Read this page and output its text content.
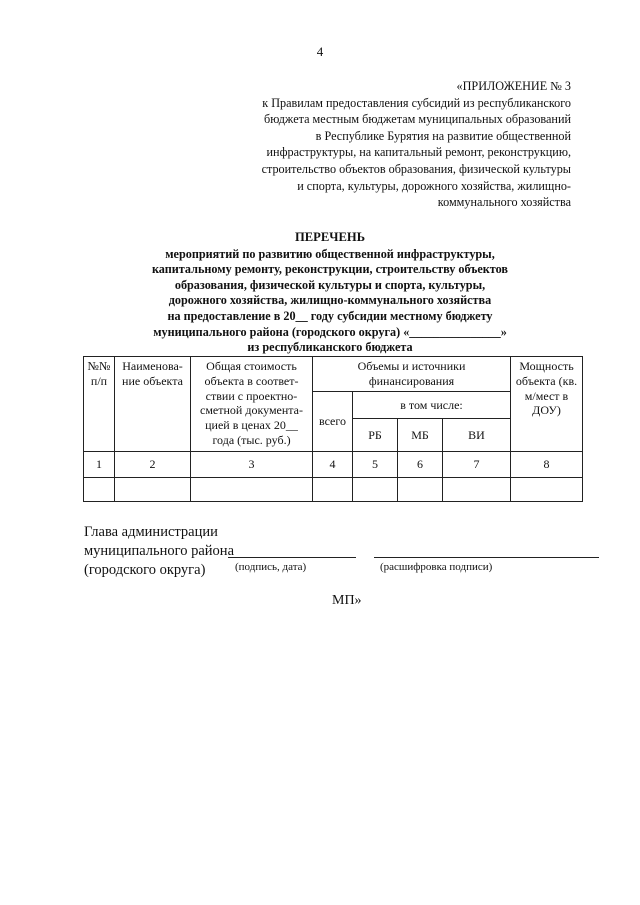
4
«ПРИЛОЖЕНИЕ № 3
к Правилам предоставления субсидий из республиканского
бюджета местным бюджетам муниципальных образований
в Республике Бурятия на развитие общественной
инфраструктуры, на капитальный ремонт, реконструкцию,
строительство объектов образования, физической культуры
и спорта, культуры, дорожного хозяйства, жилищно-
коммунального хозяйства
ПЕРЕЧЕНЬ
мероприятий по развитию общественной инфраструктуры,
капитальному ремонту, реконструкции, строительству объектов
образования, физической культуры и спорта, культуры,
дорожного хозяйства, жилищно-коммунального хозяйства
на предоставление в 20__ году субсидии местному бюджету
муниципального района (городского округа) «_______________»
из республиканского бюджета
№№ п/п	Наименова-ние объекта	Общая стоимость объекта в соответ-ствии с проектно-сметной документа-цией в ценах 20__ года (тыс. руб.)	Объемы и источники финансирования				Мощность объекта (кв. м/мест в ДОУ)
			всего	в том числе:			
				РБ	МБ	ВИ	
1	2	3	4	5	6	7	8

Глава администрации
муниципального района
(городского округа)	(подпись, дата)	(расшифровка подписи)
МП»
